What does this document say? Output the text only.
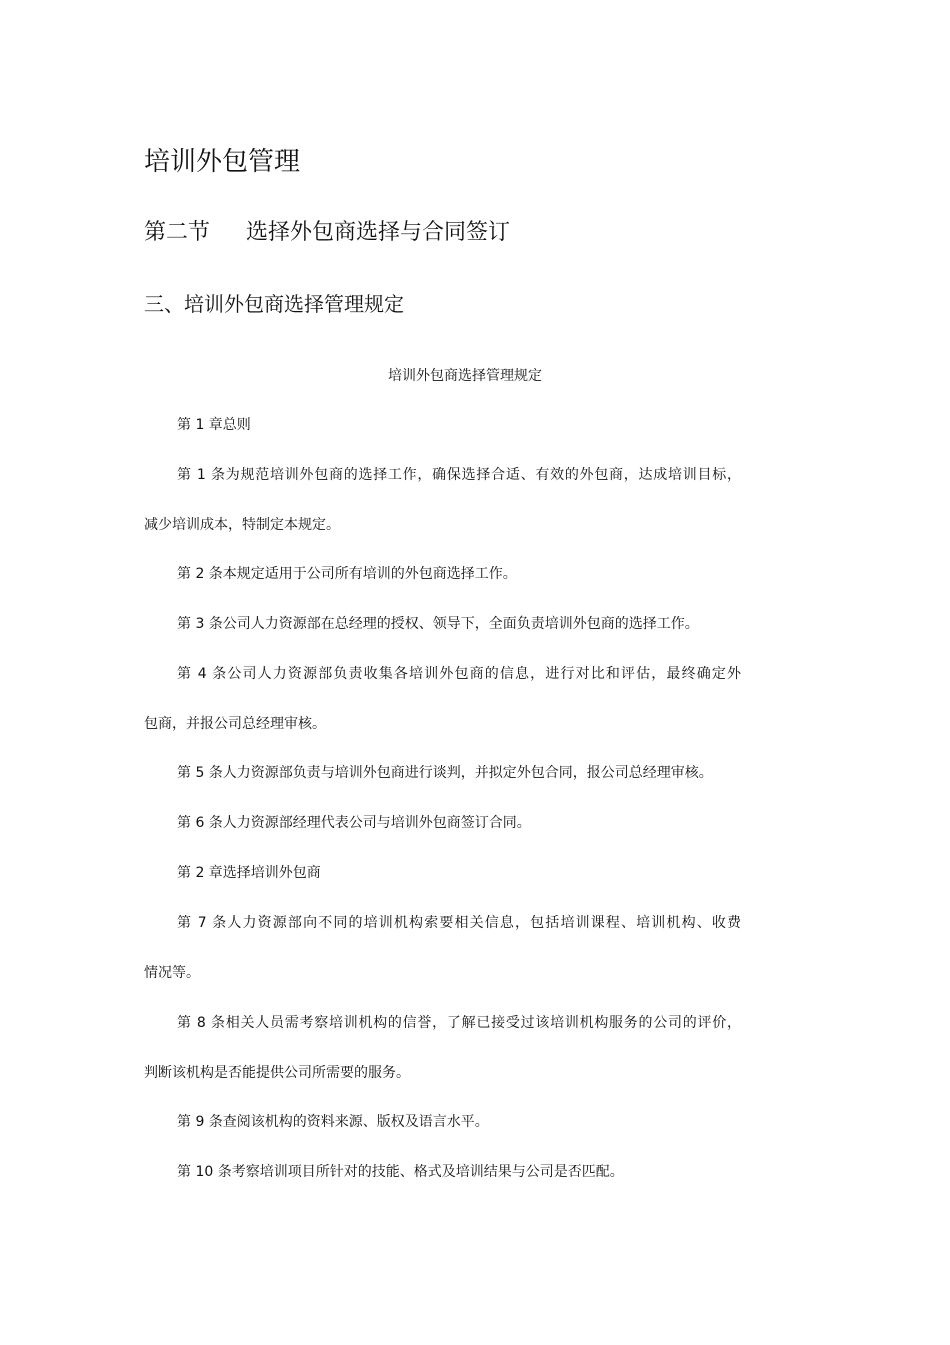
培训外包管理
第二节 选择外包商选择与合同签订
三、培训外包商选择管理规定
培训外包商选择管理规定
第 1 章总则
第 1 条为规范培训外包商的选择工作，确保选择合适、有效的外包商，达成培训目标，
减少培训成本，特制定本规定。
第 2 条本规定适用于公司所有培训的外包商选择工作。
第 3 条公司人力资源部在总经理的授权、领导下，全面负责培训外包商的选择工作。
第 4 条公司人力资源部负责收集各培训外包商的信息，进行对比和评估，最终确定外
包商，并报公司总经理审核。
第 5 条人力资源部负责与培训外包商进行谈判，并拟定外包合同，报公司总经理审核。
第 6 条人力资源部经理代表公司与培训外包商签订合同。
第 2 章选择培训外包商
第 7 条人力资源部向不同的培训机构索要相关信息，包括培训课程、培训机构、收费
情况等。
第 8 条相关人员需考察培训机构的信誉，了解已接受过该培训机构服务的公司的评价，
判断该机构是否能提供公司所需要的服务。
第 9 条查阅该机构的资料来源、版权及语言水平。
第 10 条考察培训项目所针对的技能、格式及培训结果与公司是否匹配。
